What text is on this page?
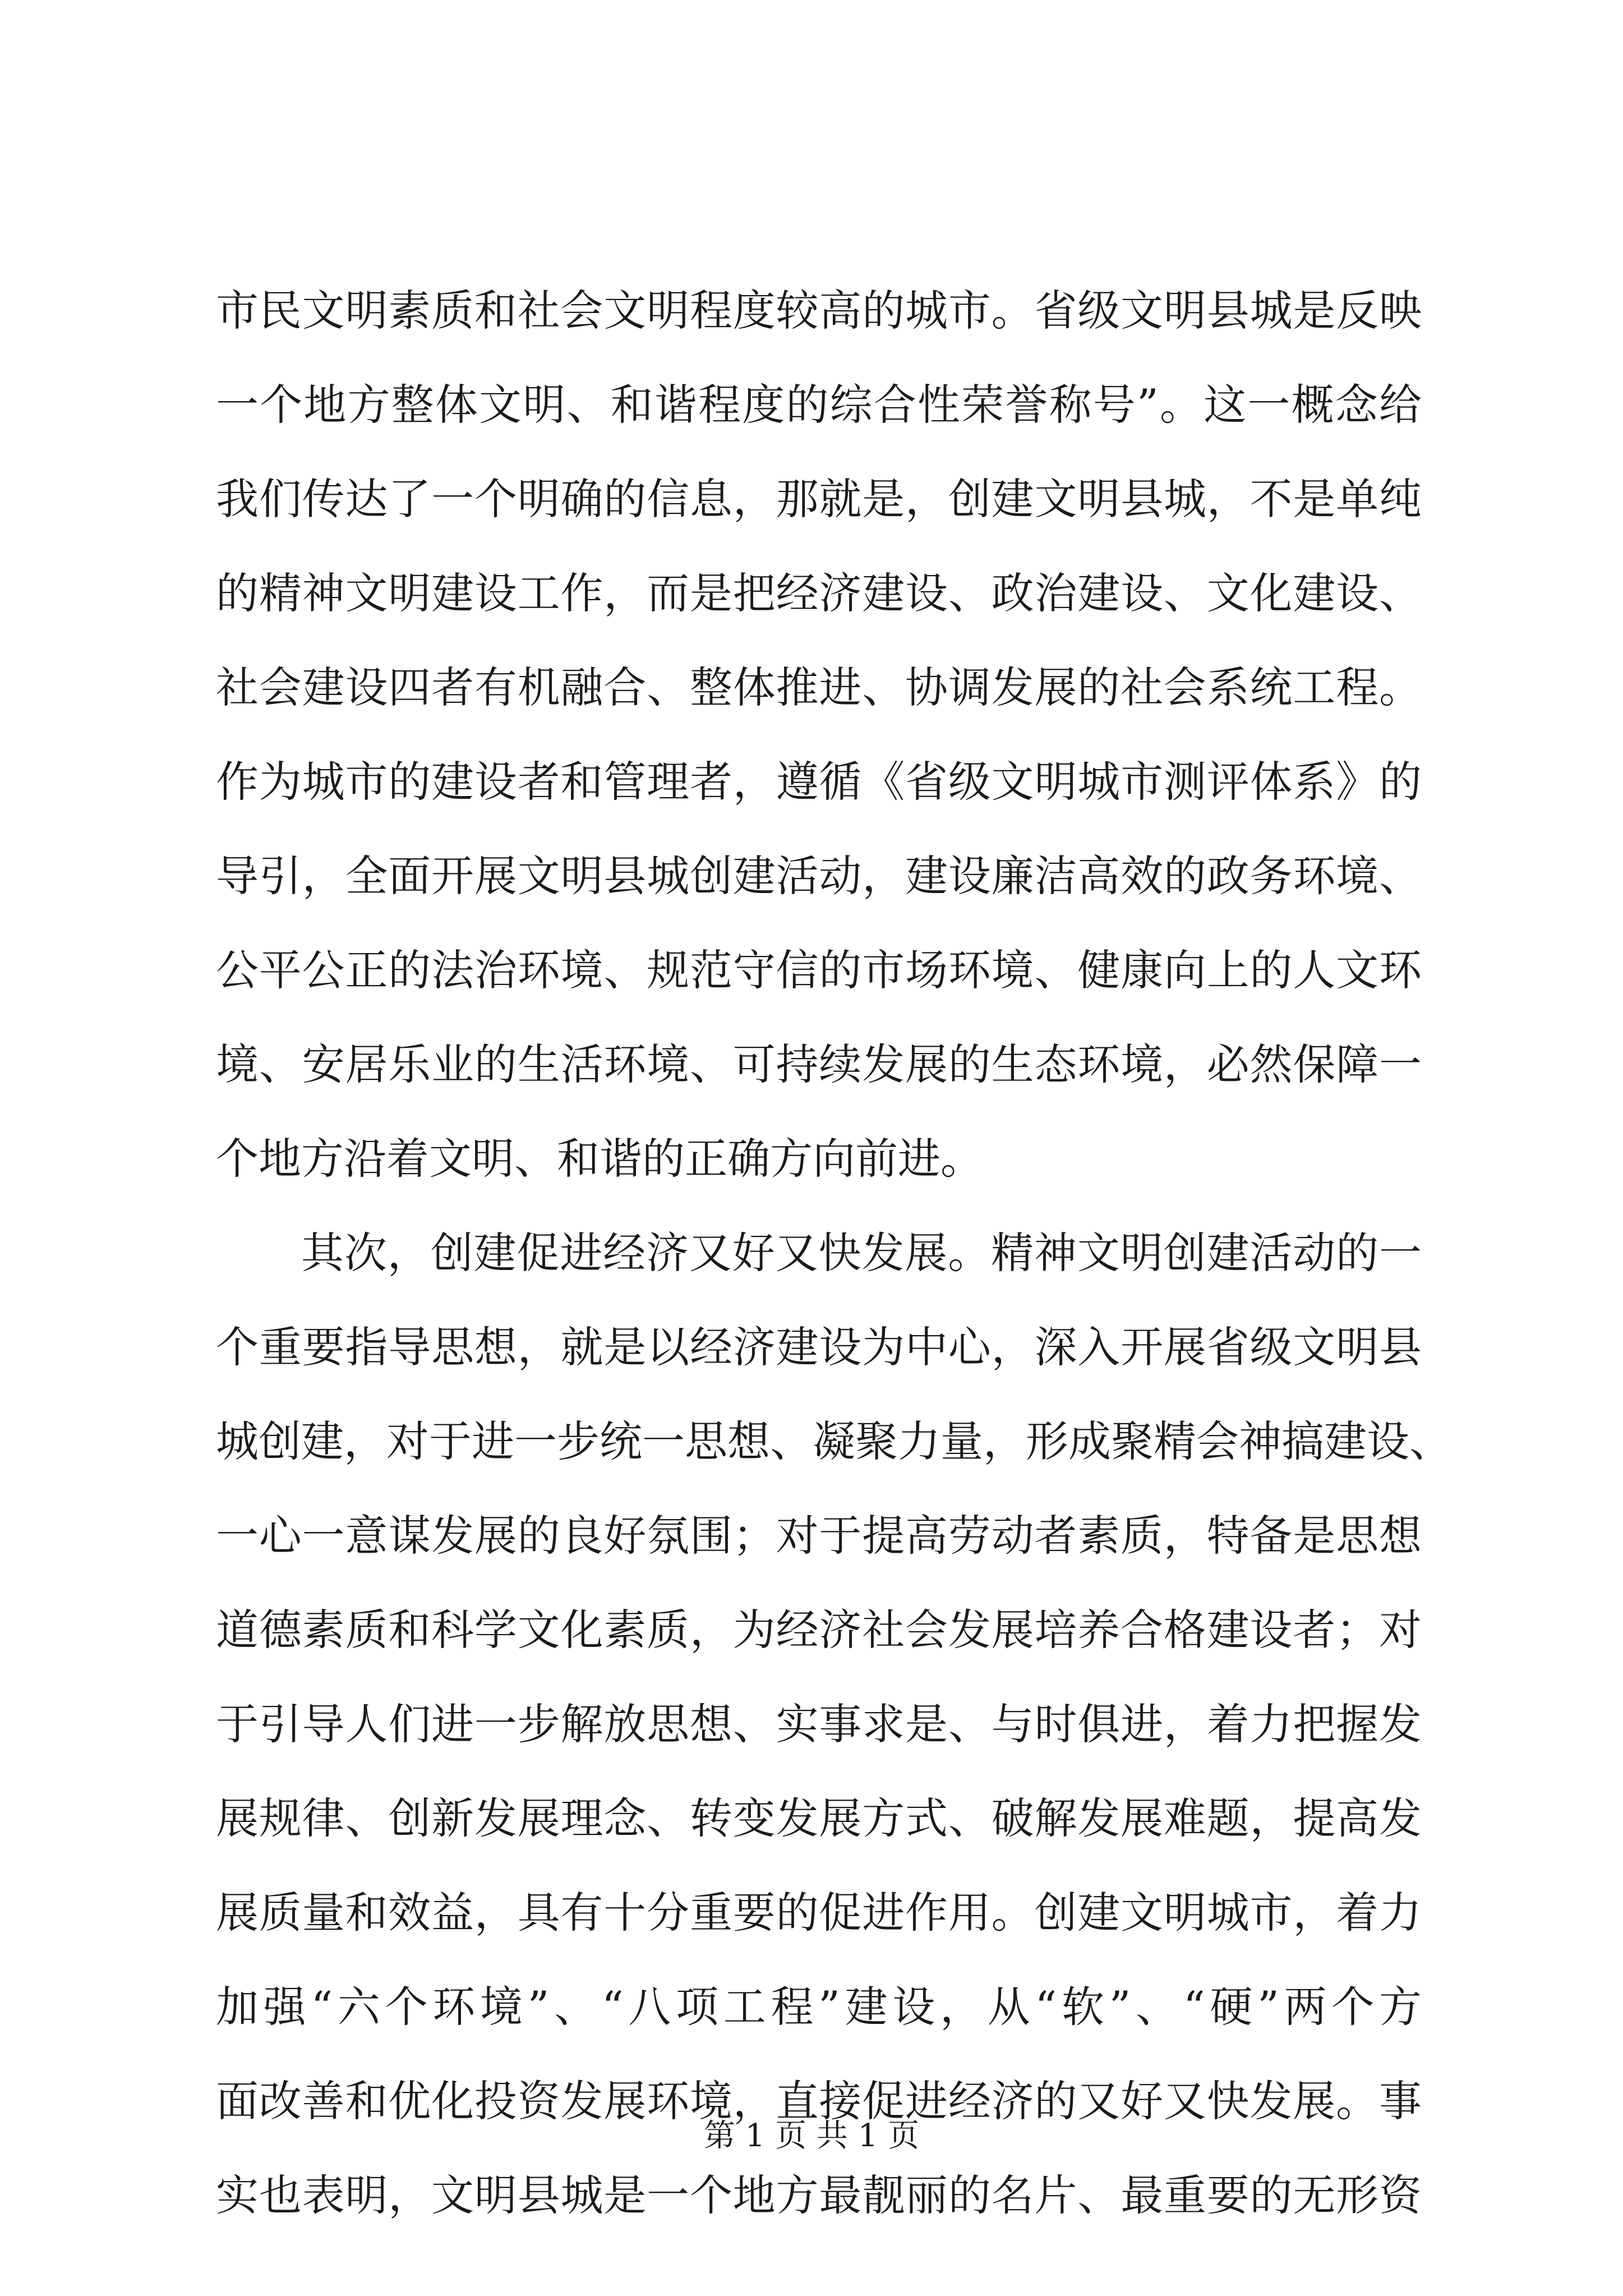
市民文明素质和社会文明程度较高的城市。省级文明县城是反映
一个地方整体文明、和谐程度的综合性荣誉称号”。这一概念给
我们传达了一个明确的信息，那就是，创建文明县城，不是单纯
的精神文明建设工作，而是把经济建设、政治建设、文化建设、
社会建设四者有机融合、整体推进、协调发展的社会系统工程。
作为城市的建设者和管理者，遵循《省级文明城市测评体系》的
导引，全面开展文明县城创建活动，建设廉洁高效的政务环境、
公平公正的法治环境、规范守信的市场环境、健康向上的人文环
境、安居乐业的生活环境、可持续发展的生态环境，必然保障一
个地方沿着文明、和谐的正确方向前进。
其次，创建促进经济又好又快发展。精神文明创建活动的一
个重要指导思想，就是以经济建设为中心，深入开展省级文明县
城创建，对于进一步统一思想、凝聚力量，形成聚精会神搞建设、
一心一意谋发展的良好氛围；对于提高劳动者素质，特备是思想
道德素质和科学文化素质，为经济社会发展培养合格建设者；对
于引导人们进一步解放思想、实事求是、与时俱进，着力把握发
展规律、创新发展理念、转变发展方式、破解发展难题，提高发
展质量和效益，具有十分重要的促进作用。创建文明城市，着力
加强“六个环境”、“八项工程”建设，从“软”、“硬”两个方
面改善和优化投资发展环境，直接促进经济的又好又快发展。事
实也表明，文明县城是一个地方最靓丽的名片、最重要的无形资
第 1 页 共 1 页
